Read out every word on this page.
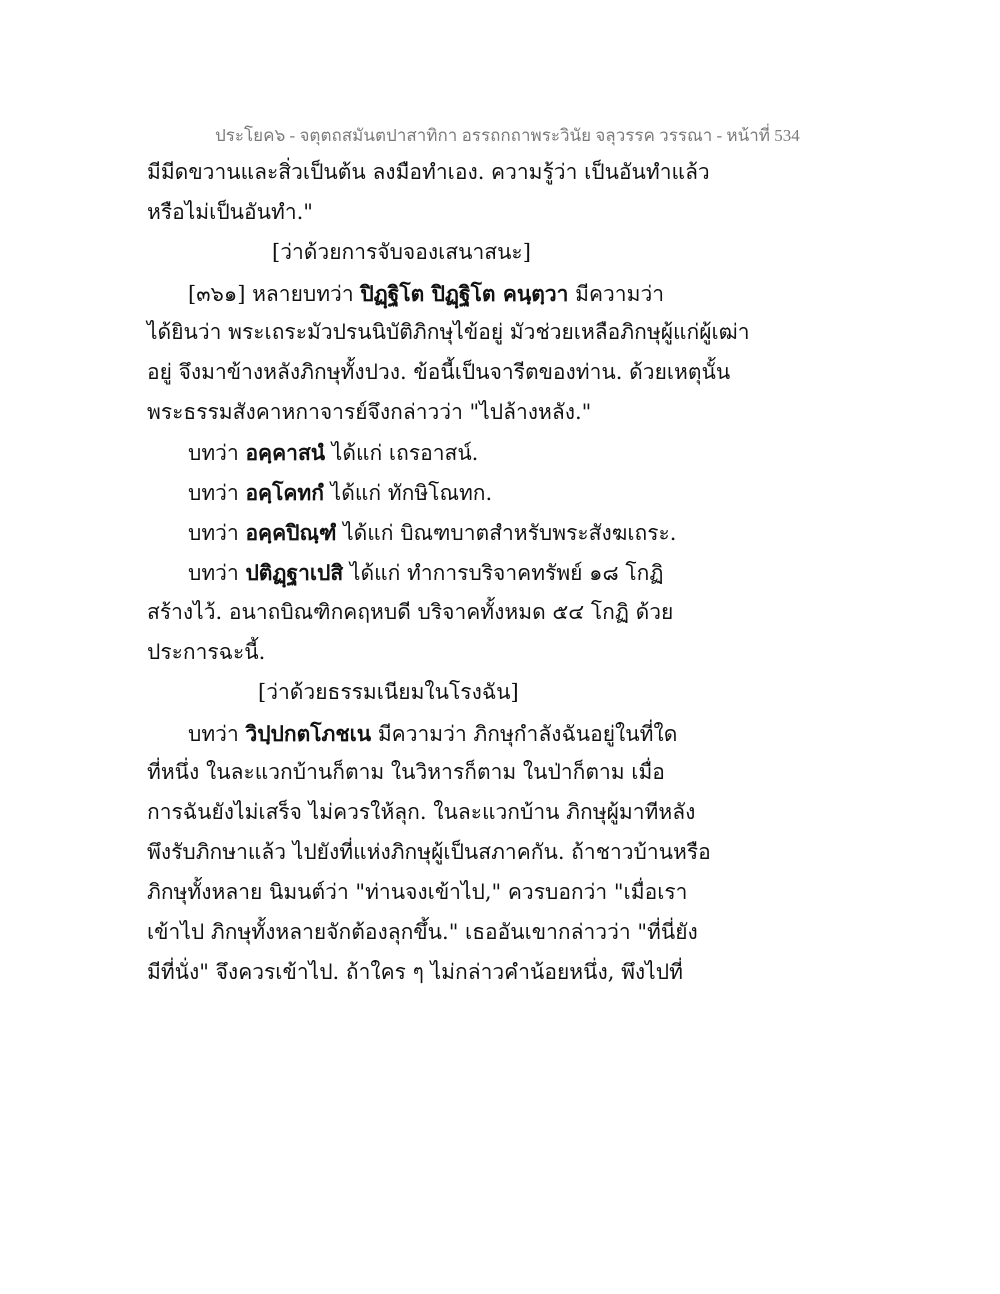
ประโยค๖ - จตุตถสมันตปาสาทิกา อรรถกถาพระวินัย จลุวรรค วรรณา - หน้าที่ 534
มีมีดขวานและสิ่วเป็นต้น ลงมือทำเอง. ความรู้ว่า เป็นอันทำแล้ว
หรือไม่เป็นอันทำ."
[ว่าด้วยการจับจองเสนาสนะ]
[๓๖๑] หลายบทว่า ปิฏฺฐิโต ปิฏฺฐิโต คนฺตฺวา มีความว่า
ได้ยินว่า พระเถระมัวปรนนิบัติภิกษุไข้อยู่ มัวช่วยเหลือภิกษุผู้แก่ผู้เฒ่า
อยู่ จึงมาข้างหลังภิกษุทั้งปวง. ข้อนี้เป็นจารีตของท่าน. ด้วยเหตุนั้น
พระธรรมสังคาหกาจารย์จึงกล่าวว่า "ไปล้างหลัง."
บทว่า อคฺคาสนํ ได้แก่ เถรอาสน์.
บทว่า อคฺโคทกํ ได้แก่ ทักษิโณทก.
บทว่า อคฺคปิณฺฑํ ได้แก่ บิณฑบาตสำหรับพระสังฆเถระ.
บทว่า ปติฏฺฐาเปสิ ได้แก่ ทำการบริจาคทรัพย์ ๑๘ โกฏิ
สร้างไว้. อนาถบิณฑิกคฤหบดี บริจาคทั้งหมด ๕๔ โกฏิ ด้วย
ประการฉะนี้.
[ว่าด้วยธรรมเนียมในโรงฉัน]
บทว่า วิปฺปกตโภชเน มีความว่า ภิกษุกำลังฉันอยู่ในที่ใด
ที่หนึ่ง ในละแวกบ้านก็ตาม ในวิหารก็ตาม ในป่าก็ตาม เมื่อ
การฉันยังไม่เสร็จ ไม่ควรให้ลุก. ในละแวกบ้าน ภิกษุผู้มาทีหลัง
พึงรับภิกษาแล้ว ไปยังที่แห่งภิกษุผู้เป็นสภาคกัน. ถ้าชาวบ้านหรือ
ภิกษุทั้งหลาย นิมนต์ว่า "ท่านจงเข้าไป," ควรบอกว่า "เมื่อเรา
เข้าไป ภิกษุทั้งหลายจักต้องลุกขึ้น." เธออันเขากล่าวว่า "ที่นี่ยัง
มีที่นั่ง" จึงควรเข้าไป. ถ้าใคร ๆ ไม่กล่าวคำน้อยหนึ่ง, พึงไปที่
